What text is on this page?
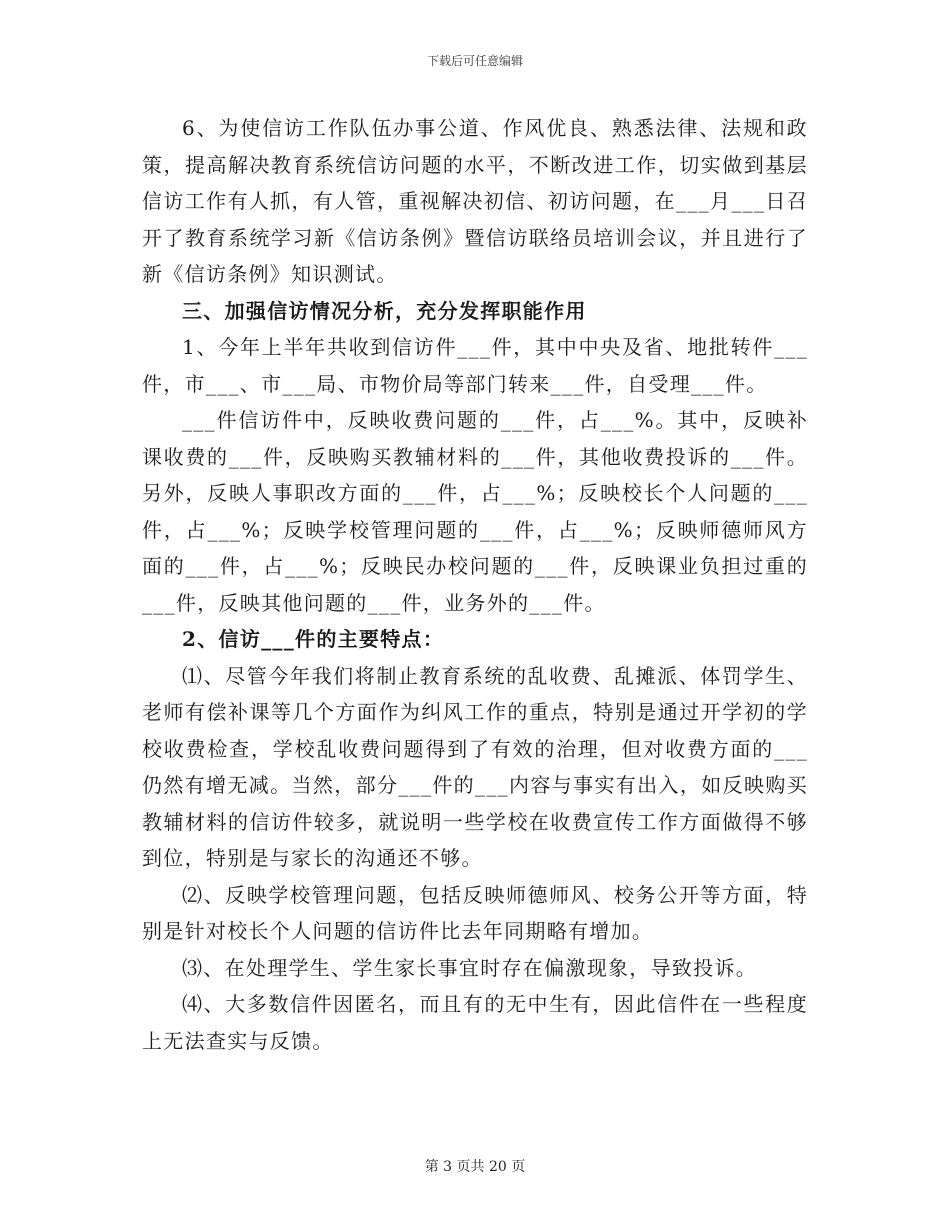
下载后可任意编辑

6、为使信访工作队伍办事公道、作风优良、熟悉法律、法规和政策，提高解决教育系统信访问题的水平，不断改进工作，切实做到基层信访工作有人抓，有人管，重视解决初信、初访问题，在___月___日召开了教育系统学习新《信访条例》暨信访联络员培训会议，并且进行了新《信访条例》知识测试。

三、加强信访情况分析，充分发挥职能作用

1、今年上半年共收到信访件___件，其中中央及省、地批转件___件，市___、市___局、市物价局等部门转来___件，自受理___件。

___件信访件中，反映收费问题的___件，占___%。其中，反映补课收费的___件，反映购买教辅材料的___件，其他收费投诉的___件。另外，反映人事职改方面的___件，占___%；反映校长个人问题的___件，占___%；反映学校管理问题的___件，占___%；反映师德师风方面的___件，占___%；反映民办校问题的___件，反映课业负担过重的___件，反映其他问题的___件，业务外的___件。

2、信访___件的主要特点：

⑴、尽管今年我们将制止教育系统的乱收费、乱摊派、体罚学生、老师有偿补课等几个方面作为纠风工作的重点，特别是通过开学初的学校收费检查，学校乱收费问题得到了有效的治理，但对收费方面的___仍然有增无减。当然，部分___件的___内容与事实有出入，如反映购买教辅材料的信访件较多，就说明一些学校在收费宣传工作方面做得不够到位，特别是与家长的沟通还不够。

⑵、反映学校管理问题，包括反映师德师风、校务公开等方面，特别是针对校长个人问题的信访件比去年同期略有增加。

⑶、在处理学生、学生家长事宜时存在偏激现象，导致投诉。

⑷、大多数信件因匿名，而且有的无中生有，因此信件在一些程度上无法查实与反馈。

第 3 页共 20 页
